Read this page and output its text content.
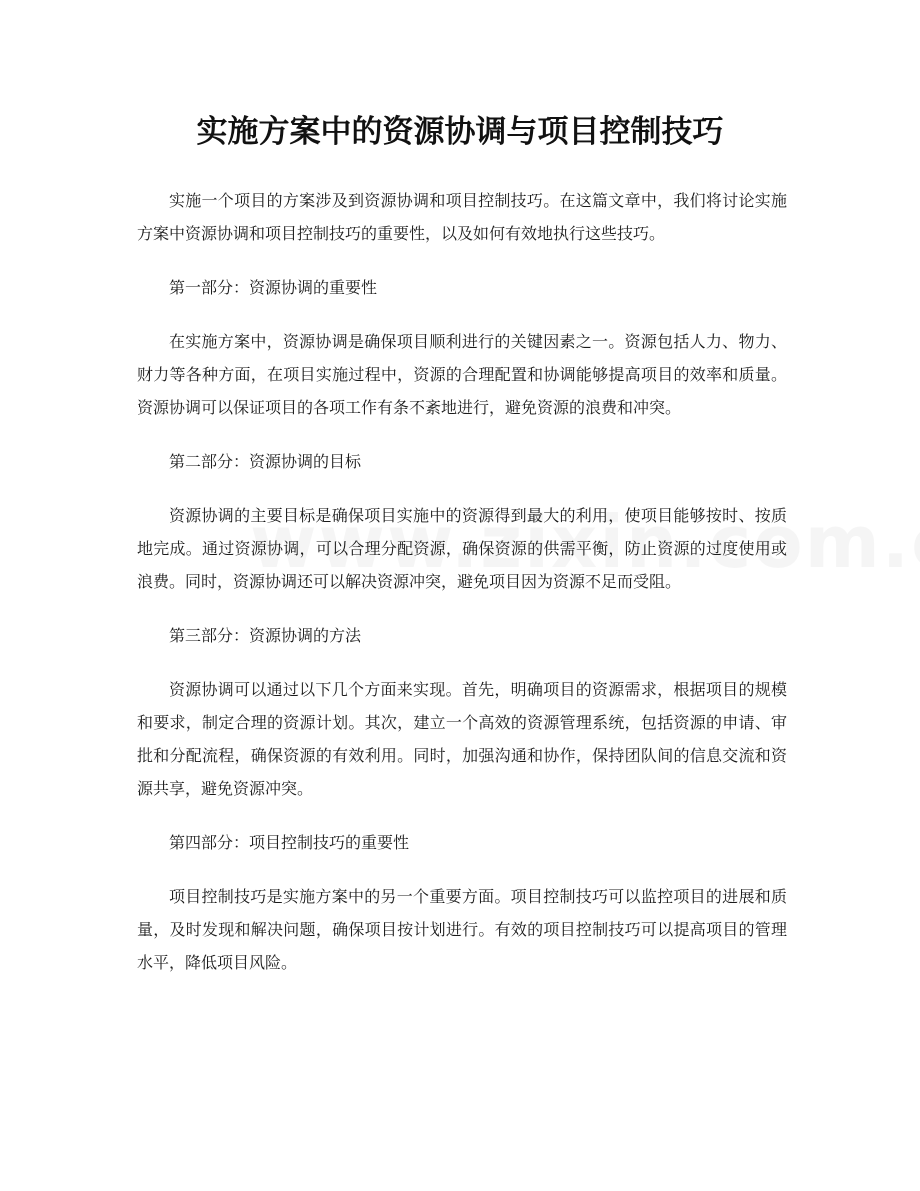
实施方案中的资源协调与项目控制技巧

实施一个项目的方案涉及到资源协调和项目控制技巧。在这篇文章中，我们将讨论实施方案中资源协调和项目控制技巧的重要性，以及如何有效地执行这些技巧。

第一部分：资源协调的重要性

在实施方案中，资源协调是确保项目顺利进行的关键因素之一。资源包括人力、物力、财力等各种方面，在项目实施过程中，资源的合理配置和协调能够提高项目的效率和质量。资源协调可以保证项目的各项工作有条不紊地进行，避免资源的浪费和冲突。

第二部分：资源协调的目标

资源协调的主要目标是确保项目实施中的资源得到最大的利用，使项目能够按时、按质地完成。通过资源协调，可以合理分配资源，确保资源的供需平衡，防止资源的过度使用或浪费。同时，资源协调还可以解决资源冲突，避免项目因为资源不足而受阻。

第三部分：资源协调的方法

资源协调可以通过以下几个方面来实现。首先，明确项目的资源需求，根据项目的规模和要求，制定合理的资源计划。其次，建立一个高效的资源管理系统，包括资源的申请、审批和分配流程，确保资源的有效利用。同时，加强沟通和协作，保持团队间的信息交流和资源共享，避免资源冲突。

第四部分：项目控制技巧的重要性

项目控制技巧是实施方案中的另一个重要方面。项目控制技巧可以监控项目的进展和质量，及时发现和解决问题，确保项目按计划进行。有效的项目控制技巧可以提高项目的管理水平，降低项目风险。
